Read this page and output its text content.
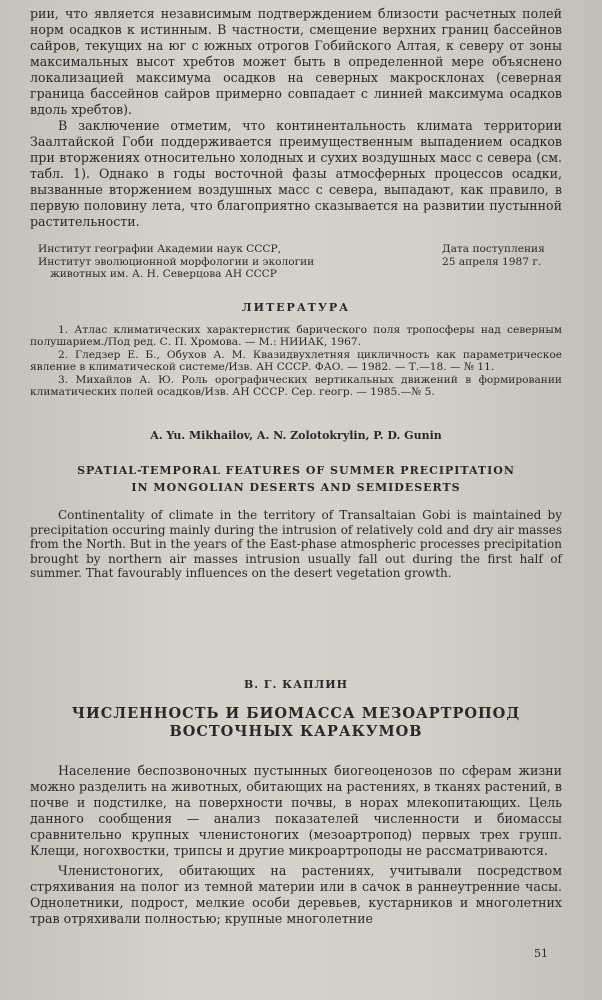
рии, что является независимым подтверждением близости расчетных полей норм осадков к истинным. В частности, смещение верхних границ бассейнов сайров, текущих на юг с южных отрогов Гобийского Алтая, к северу от зоны максимальных высот хребтов может быть в определенной мере объяснено локализацией максимума осадков на северных макросклонах (северная граница бассейнов сайров примерно совпадает с линией максимума осадков вдоль хребтов).

В заключение отметим, что континентальность климата территории Заалтайской Гоби поддерживается преимущественным выпадением осадков при вторжениях относительно холодных и сухих воздушных масс с севера (см. табл. 1). Однако в годы восточной фазы атмосферных процессов осадки, вызванные вторжением воздушных масс с севера, выпадают, как правило, в первую половину лета, что благоприятно сказывается на развитии пустынной растительности.

Институт географии Академии наук СССР,
Институт эволюционной морфологии и экологии
животных им. А. Н. Северцова АН СССР
Дата поступления
25 апреля 1987 г.
ЛИТЕРАТУРА

1. Атлас климатических характеристик барического поля тропосферы над северным полушарием./Под ред. С. П. Хромова. — М.: НИИАК, 1967.

2. Гледзер Е. Б., Обухов А. М. Квазидвухлетняя цикличность как параметрическое явление в климатической системе/Изв. АН СССР. ФАО. — 1982. — Т.—18. — № 11.

3. Михайлов А. Ю. Роль орографических вертикальных движений в формировании климатических полей осадков/Изв. АН СССР. Сер. геогр. — 1985.—№ 5.

A. Yu. Mikhailov, A. N. Zolotokrylin, P. D. Gunin
SPATIAL-TEMPORAL FEATURES OF SUMMER PRECIPITATION
IN MONGOLIAN DESERTS AND SEMIDESERTS

Continentality of climate in the territory of Transaltaian Gobi is maintained by precipitation occuring mainly during the intrusion of relatively cold and dry air masses from the North. But in the years of the East-phase atmospheric processes precipitation brought by northern air masses intrusion usually fall out during the first half of summer. That favourably influences on the desert vegetation growth.

В. Г. КАПЛИН
ЧИСЛЕННОСТЬ И БИОМАССА МЕЗОАРТРОПОД
ВОСТОЧНЫХ КАРАКУМОВ

Население беспозвоночных пустынных биогеоценозов по сферам жизни можно разделить на животных, обитающих на растениях, в тканях растений, в почве и подстилке, на поверхности почвы, в норах млекопитающих. Цель данного сообщения — анализ показателей численности и биомассы сравнительно крупных членистоногих (мезоартропод) первых трех групп. Клещи, ногохвостки, трипсы и другие микроартроподы не рассматриваются.

Членистоногих, обитающих на растениях, учитывали посредством стряхивания на полог из темной материи или в сачок в раннеутренние часы. Однолетники, подрост, мелкие особи деревьев, кустарников и многолетних трав отряхивали полностью; крупные многолетние

51
